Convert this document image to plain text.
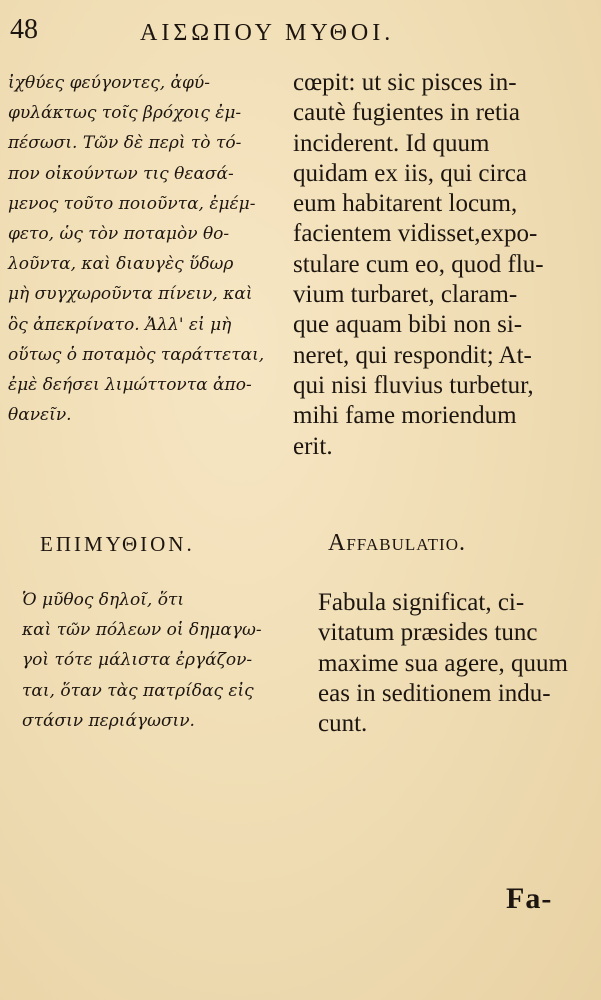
48	ΑΙΣΩΠΟΥ ΜΥΘΟΙ.
ἰχθύες φεύγοντες, ἀφύ-
φυλάκτως τοῖς βρόχοις ἐμ-
πέσωσι. Τῶν δὲ περὶ τὸ τό-
πον οἰκούντων τις θεασά-
μενος τοῦτο ποιοῦντα, ἐμέμ-
φετο, ὡς τὸν ποταμὸν θο-
λοῦντα, καὶ διαυγὲς ὕδωρ
μὴ συγχωροῦντα πίνειν, καὶ
ὃς ἀπεκρίνατο. Ἀλλ' εἰ μὴ
οὕτως ὁ ποταμὸς ταράττεται,
ἐμὲ δεήσει λιμώττοντα ἀπο-
θανεῖν.
cœpit: ut sic pisces in-
cautè fugientes in retia
inciderent. Id quum
quidam ex iis, qui circa
eum habitarent locum,
facientem vidisset,expo-
stulare cum eo, quod flu-
vium turbaret, claram-
que aquam bibi non si-
neret, qui respondit; At-
qui nisi fluvius turbetur,
mihi fame moriendum
erit.
ΕΠΙΜΥΘΙΟΝ.	Affabulatio.
Ὁ μῦθος δηλοῖ, ὅτι
καὶ τῶν πόλεων οἱ δημαγω-
γοὶ τότε μάλιστα ἐργάζον-
ται, ὅταν τὰς πατρίδας εἰς
στάσιν περιάγωσιν.
Fabula significat, ci-
vitatum præsides tunc
maxime sua agere, quum
eas in seditionem indu-
cunt.
Fa-
